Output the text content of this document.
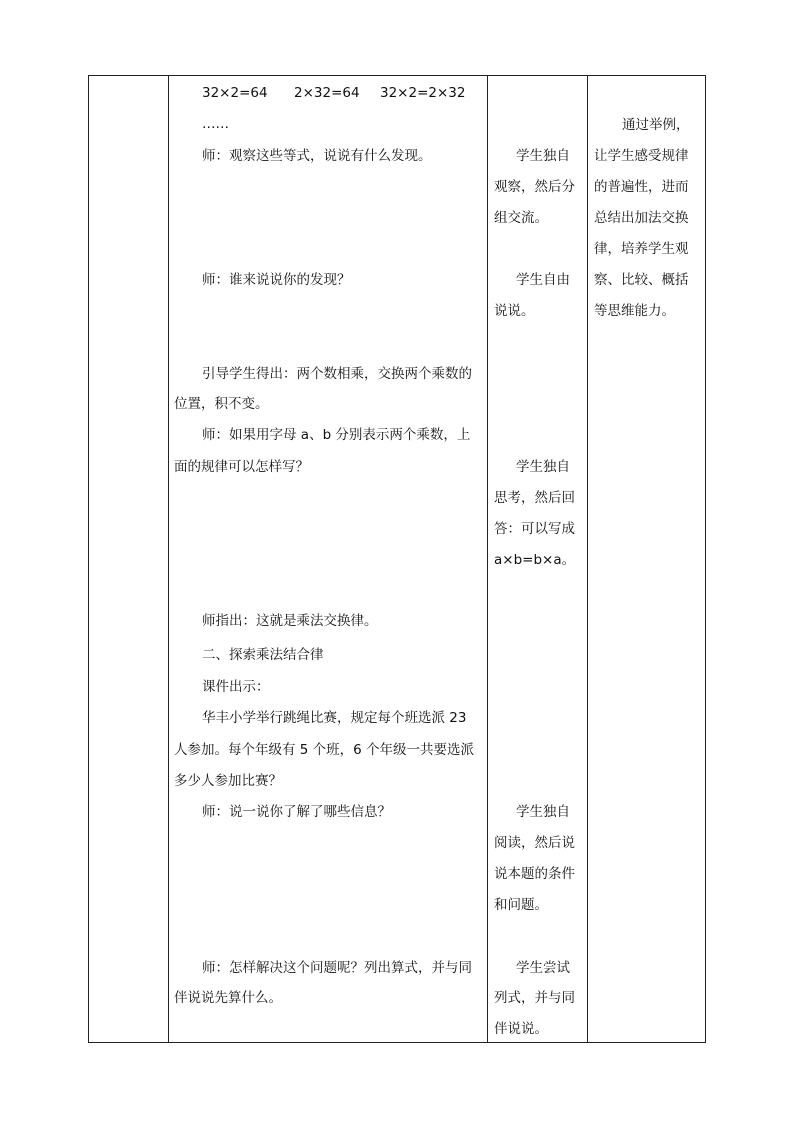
32×2=64 2×32=64 32×2=2×32
……
师：观察这些等式，说说有什么发现。
师：谁来说说你的发现？
引导学生得出：两个数相乘，交换两个乘数的
位置，积不变。
师：如果用字母 a、b 分别表示两个乘数，上
面的规律可以怎样写？
师指出：这就是乘法交换律。
二、探索乘法结合律
课件出示：
华丰小学举行跳绳比赛，规定每个班选派 23
人参加。每个年级有 5 个班，6 个年级一共要选派
多少人参加比赛？
师：说一说你了解了哪些信息？
师：怎样解决这个问题呢？列出算式，并与同
伴说说先算什么。
学生独自
观察，然后分
组交流。
学生自由
说说。
学生独自
思考，然后回
答：可以写成
a×b=b×a。
学生独自
阅读，然后说
说本题的条件
和问题。
学生尝试
列式，并与同
伴说说。
通过举例，
让学生感受规律
的普遍性，进而
总结出加法交换
律，培养学生观
察、比较、概括
等思维能力。
